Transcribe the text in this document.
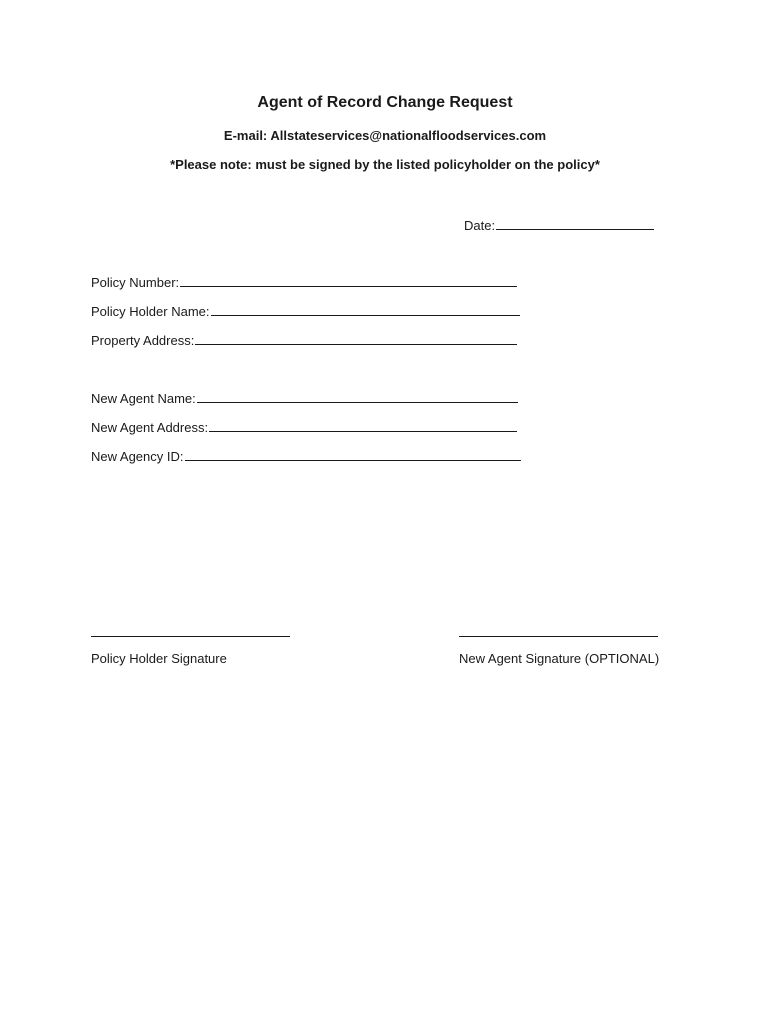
Agent of Record Change Request
E-mail: Allstateservices@nationalfloodservices.com
*Please note: must be signed by the listed policyholder on the policy*
Date:
Policy Number:
Policy Holder Name:
Property Address:
New Agent Name:
New Agent Address:
New Agency ID:
Policy Holder Signature	New Agent Signature (OPTIONAL)
